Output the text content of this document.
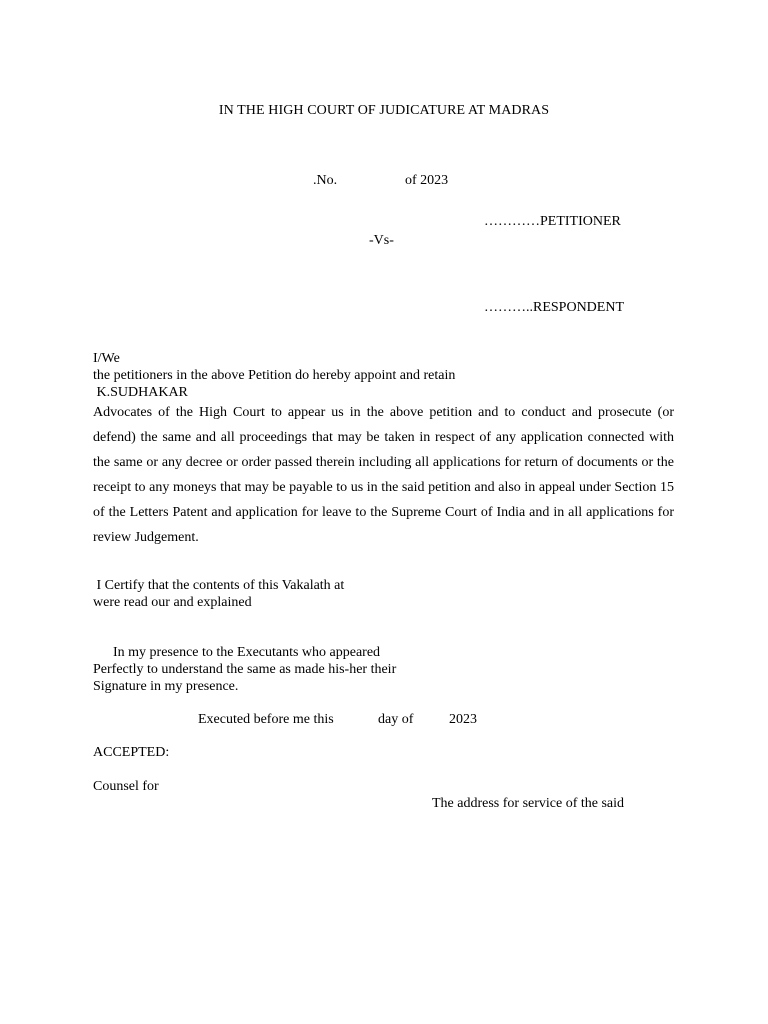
IN THE HIGH COURT OF JUDICATURE AT MADRAS
.No.	of 2023
…………PETITIONER
-Vs-
………..RESPONDENT
I/We
the petitioners in the above Petition do hereby appoint and retain
K.SUDHAKAR
Advocates of the High Court to appear us in the above petition and to conduct and prosecute (or defend) the same and all proceedings that may be taken in respect of any application connected with the same or any decree or order passed therein including all applications for return of documents or the receipt to any moneys that may be payable to us in the said petition and also in appeal under Section 15 of the Letters Patent and application for leave to the Supreme Court of India and in all applications for review Judgement.
I Certify that the contents of this Vakalath at
were read our and explained
In my presence to the Executants who appeared
Perfectly to understand the same as made his-her their
Signature in my presence.
Executed before me this	day of	2023
ACCEPTED:
Counsel for
The address for service of the said
